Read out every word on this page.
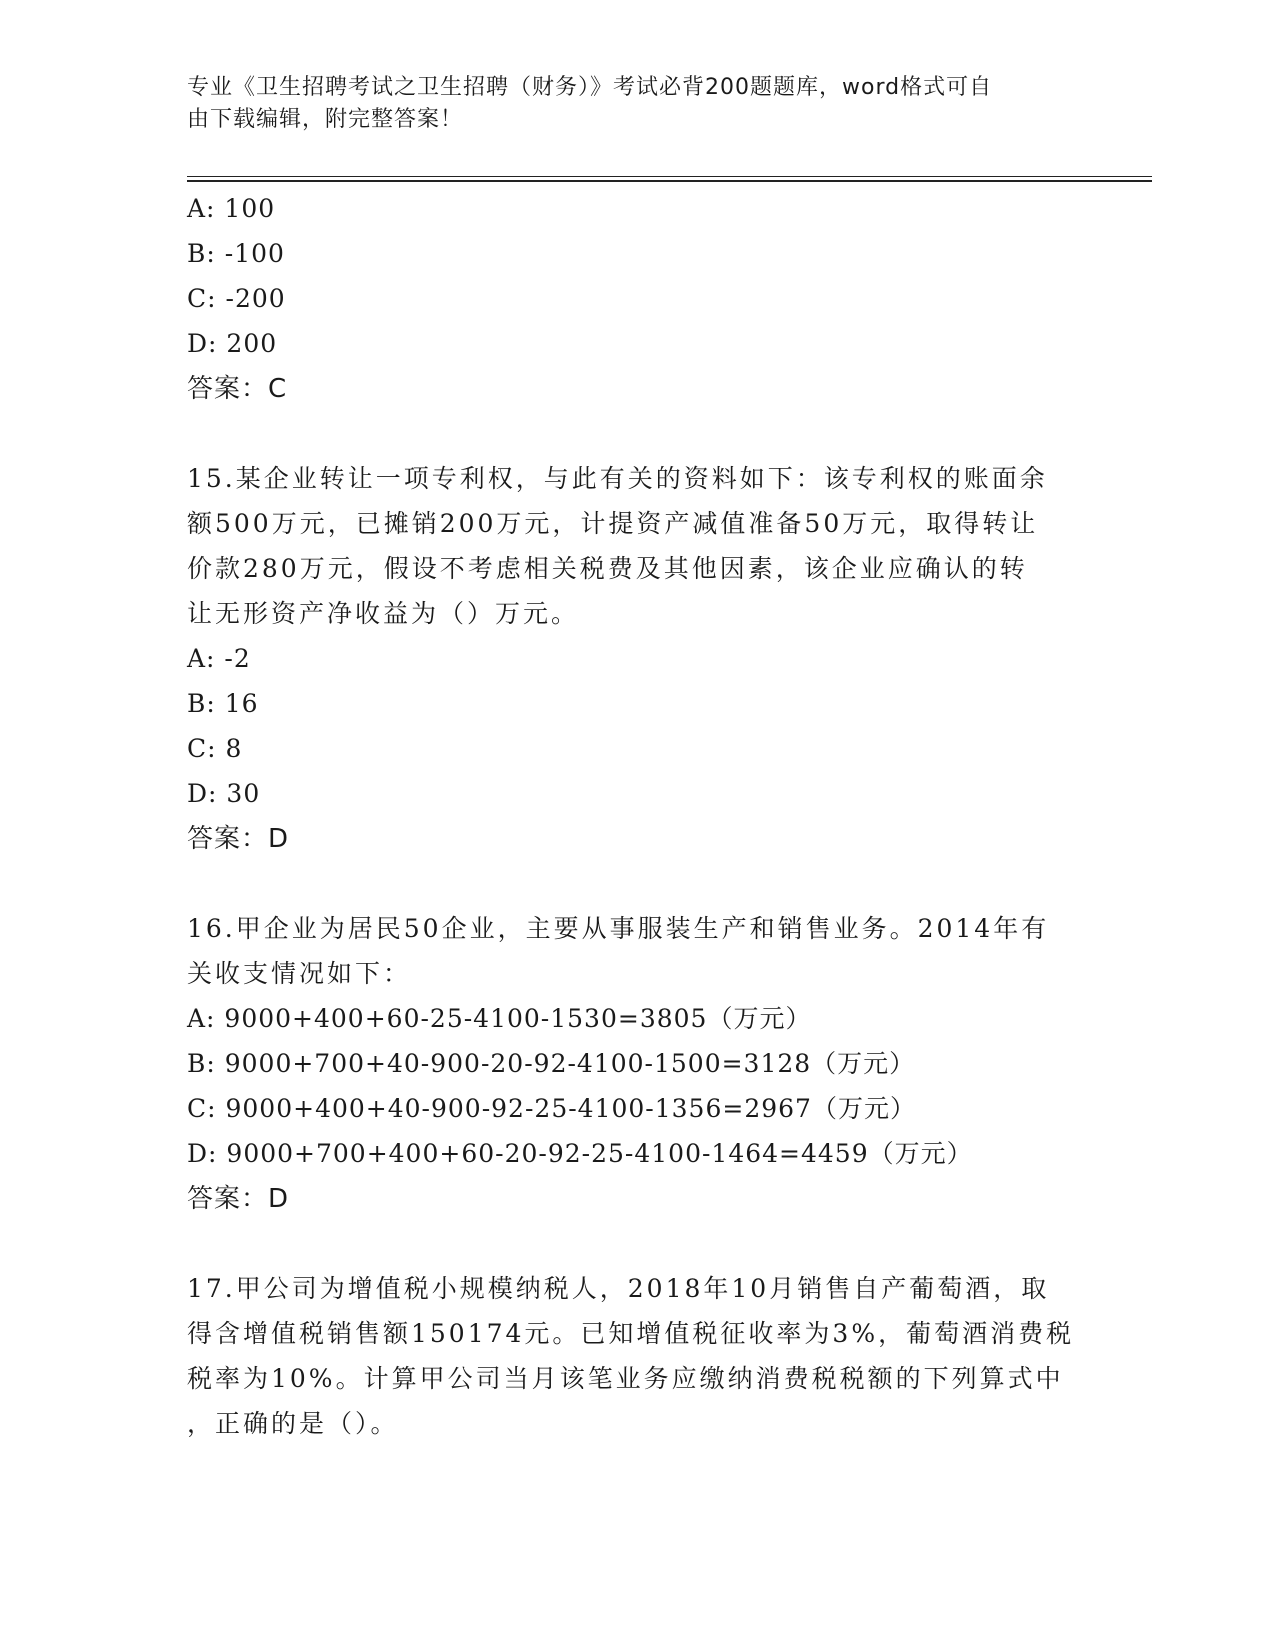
专业《卫生招聘考试之卫生招聘（财务）》考试必背200题题库，word格式可自
由下载编辑，附完整答案！
A: 100
B: -100
C: -200
D: 200
答案：C
15.某企业转让一项专利权，与此有关的资料如下：该专利权的账面余
额500万元，已摊销200万元，计提资产减值准备50万元，取得转让
价款280万元，假设不考虑相关税费及其他因素，该企业应确认的转
让无形资产净收益为（）万元。
A: -2
B: 16
C: 8
D: 30
答案：D
16.甲企业为居民50企业，主要从事服装生产和销售业务。2014年有
关收支情况如下：
A: 9000+400+60-25-4100-1530=3805（万元）
B: 9000+700+40-900-20-92-4100-1500=3128（万元）
C: 9000+400+40-900-92-25-4100-1356=2967（万元）
D: 9000+700+400+60-20-92-25-4100-1464=4459（万元）
答案：D
17.甲公司为增值税小规模纳税人，2018年10月销售自产葡萄酒，取
得含增值税销售额150174元。已知增值税征收率为3%，葡萄酒消费税
税率为10%。计算甲公司当月该笔业务应缴纳消费税税额的下列算式中
，正确的是（）。
